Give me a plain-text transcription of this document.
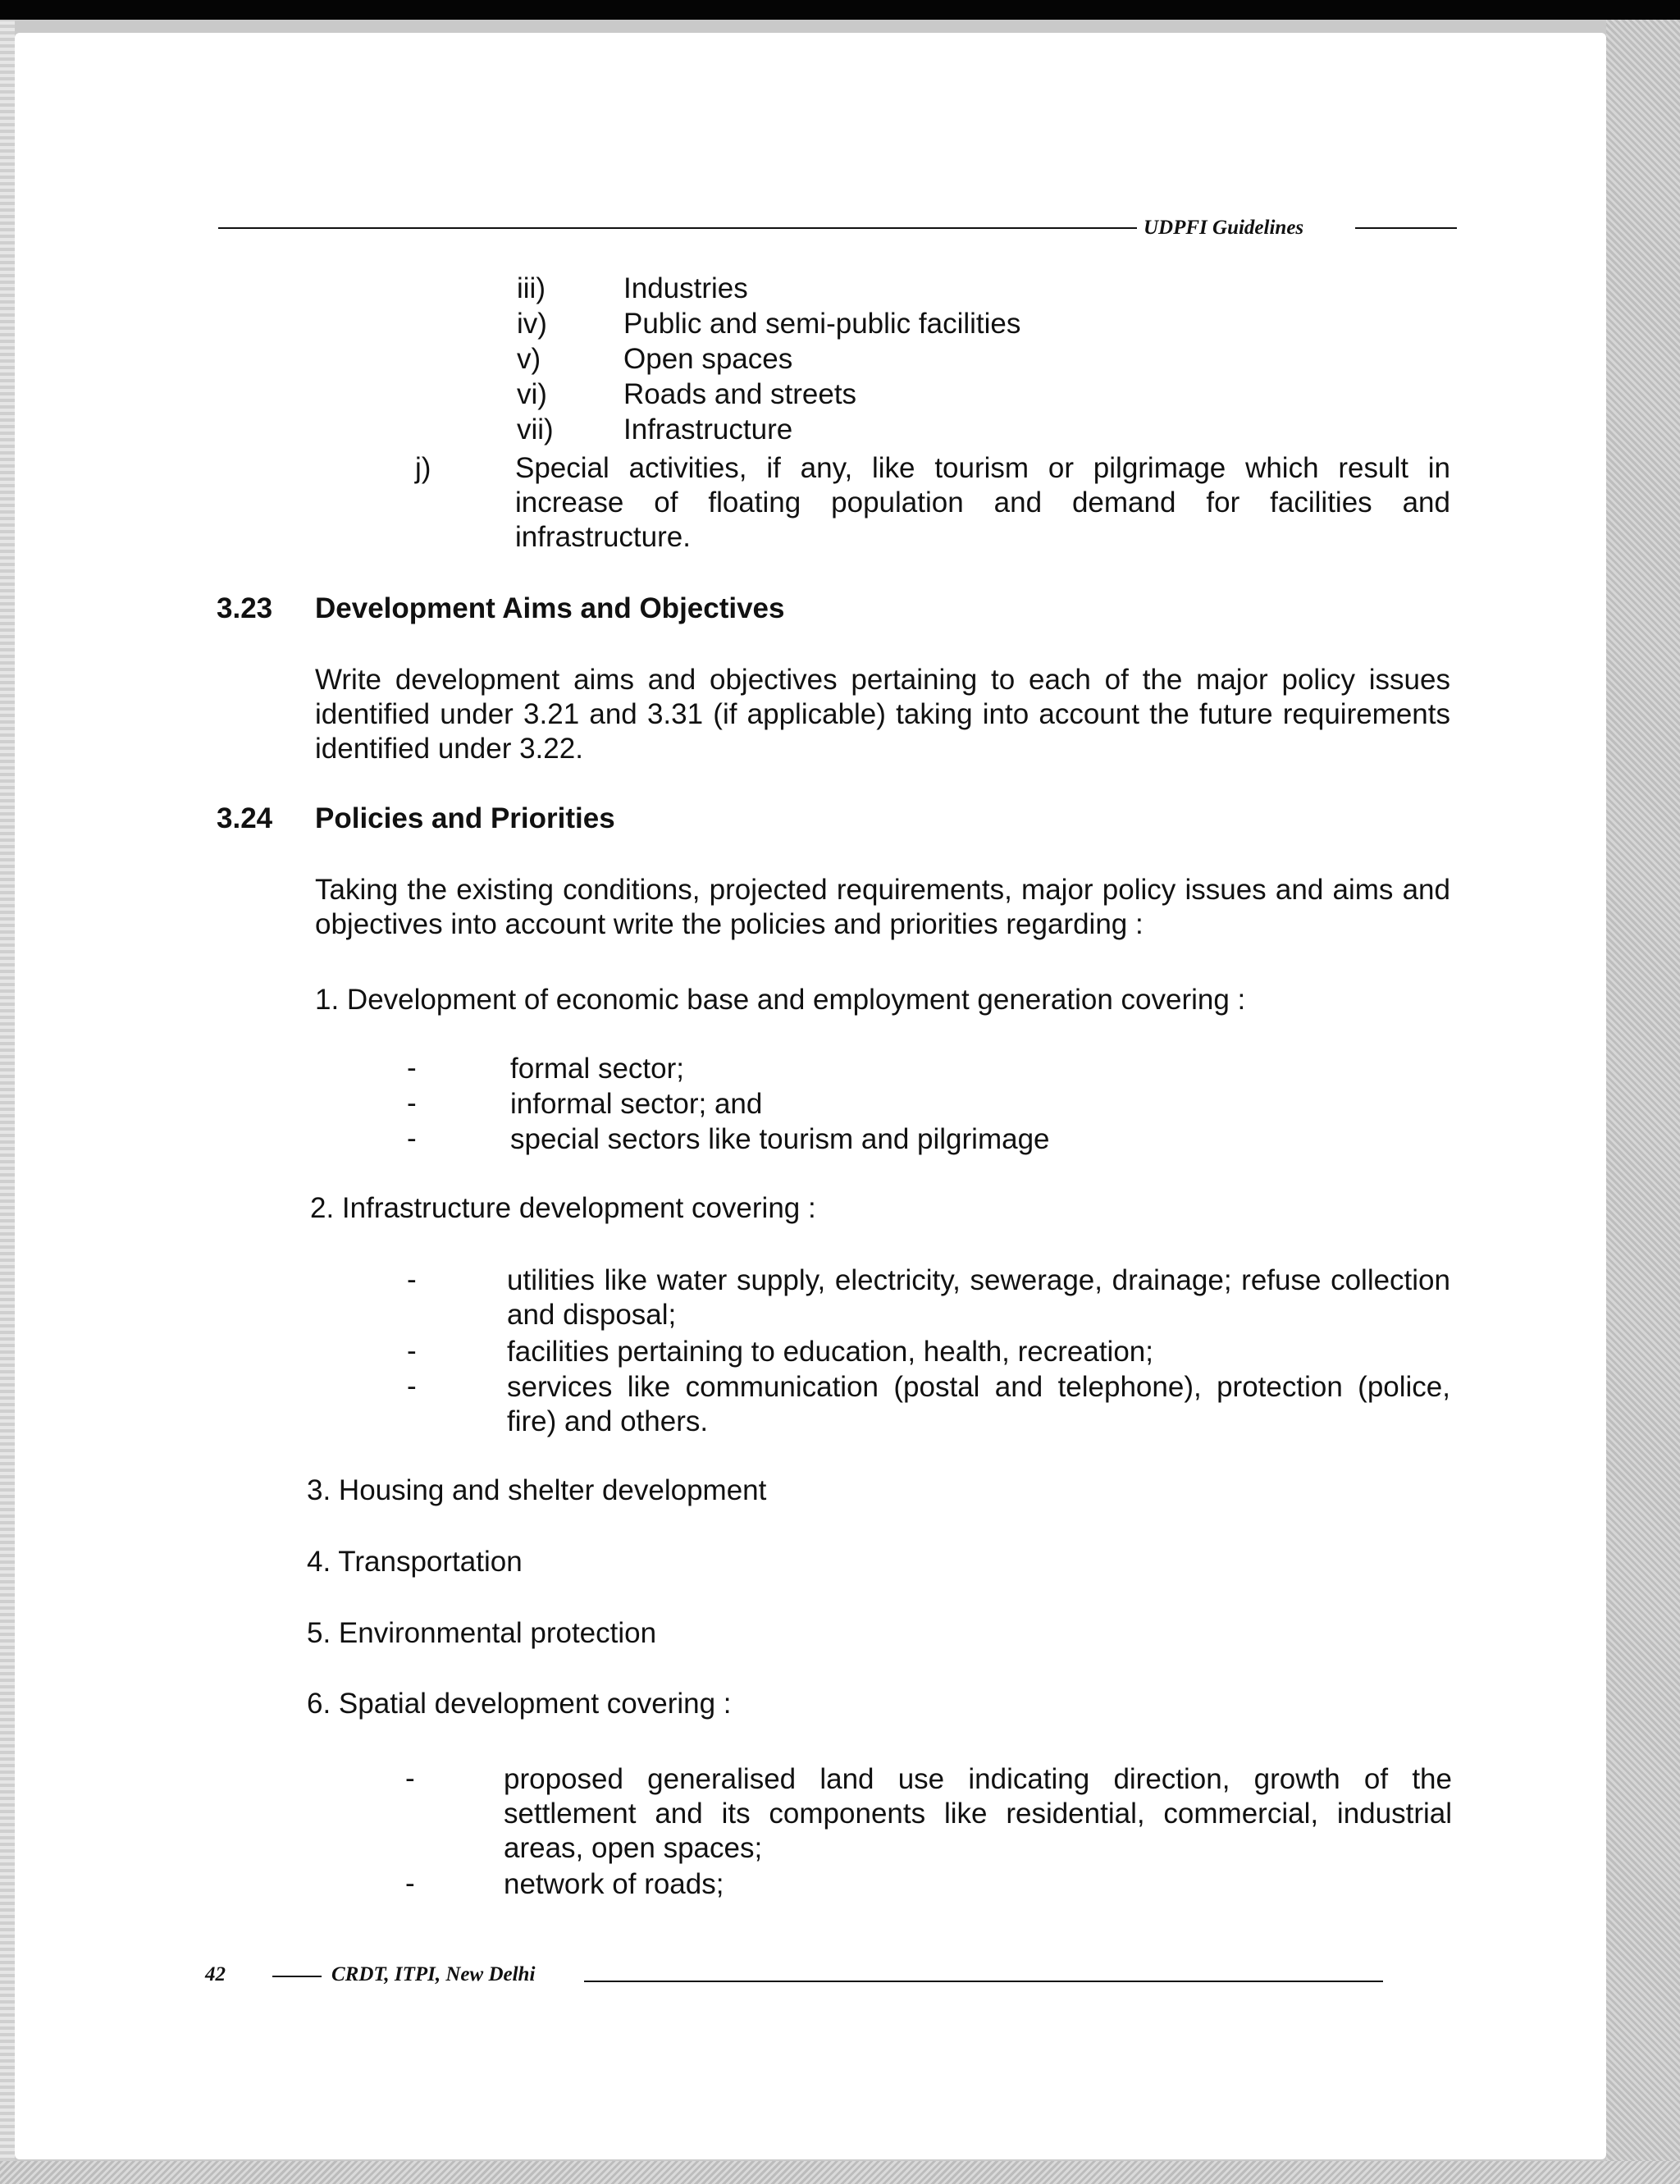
UDPFI Guidelines
iii)	Industries
iv)	Public and semi-public facilities
v)	Open spaces
vi)	Roads and streets
vii) Infrastructure
j)	Special activities, if any, like tourism or pilgrimage which result in increase of floating population and demand for facilities and infrastructure.
3.23 Development Aims and Objectives
Write development aims and objectives pertaining to each of the major policy issues identified under 3.21 and 3.31 (if applicable) taking into account the future requirements identified under 3.22.
3.24 Policies and Priorities
Taking the existing conditions, projected requirements, major policy issues and aims and objectives into account write the policies and priorities regarding :
1. Development of economic base and employment generation covering :
-	formal sector;
-	informal sector; and
-	special sectors like tourism and pilgrimage
2. Infrastructure development covering :
-	utilities like water supply, electricity, sewerage, drainage; refuse collection and disposal;
-	facilities pertaining to education, health, recreation;
-	services like communication (postal and telephone), protection (police, fire) and others.
3. Housing and shelter development
4. Transportation
5. Environmental protection
6. Spatial development covering :
-	proposed generalised land use indicating direction, growth of the settlement and its components like residential, commercial, industrial areas, open spaces;
-	network of roads;
42	CRDT, ITPI, New Delhi
